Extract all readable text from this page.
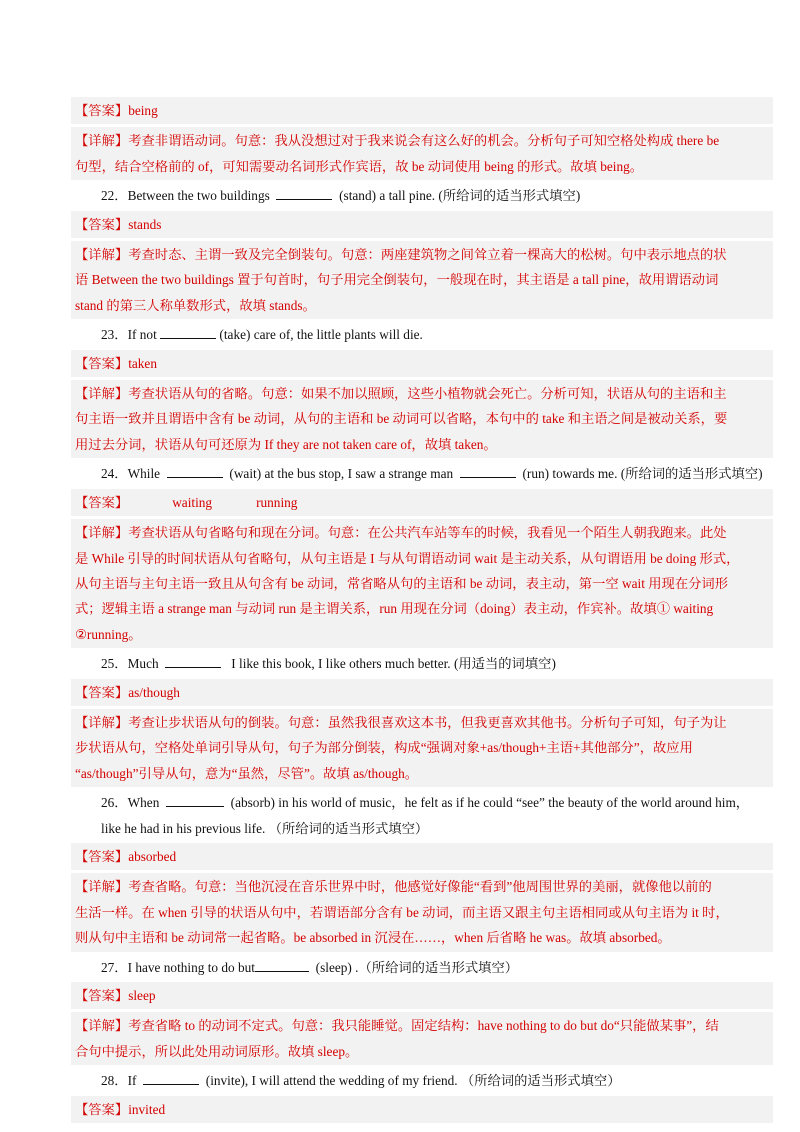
【答案】being
【详解】考查非谓语动词。句意：我从没想过对于我来说会有这么好的机会。分析句子可知空格处构成 there be
句型，结合空格前的 of，可知需要动名词形式作宾语，故 be 动词使用 being 的形式。故填 being。
22．Between the two buildings	(stand) a tall pine. (所给词的适当形式填空)
【答案】stands
【详解】考查时态、主谓一致及完全倒装句。句意：两座建筑物之间耸立着一棵高大的松树。句中表示地点的状
语 Between the two buildings 置于句首时，句子用完全倒装句，一般现在时，其主语是 a tall pine，故用谓语动词
stand 的第三人称单数形式，故填 stands。
23．If not	(take) care of, the little plants will die.
【答案】taken
【详解】考查状语从句的省略。句意：如果不加以照顾，这些小植物就会死亡。分析可知，状语从句的主语和主
句主语一致并且谓语中含有 be 动词，从句的主语和 be 动词可以省略，本句中的 take 和主语之间是被动关系，要
用过去分词，状语从句可还原为 If they are not taken care of，故填 taken。
24．While	(wait) at the bus stop, I saw a strange man	(run) towards me. (所给词的适当形式填空)
【答案】	waiting	running
【详解】考查状语从句省略句和现在分词。句意：在公共汽车站等车的时候，我看见一个陌生人朝我跑来。此处
是 While 引导的时间状语从句省略句，从句主语是 I 与从句谓语动词 wait 是主动关系，从句谓语用 be doing 形式，
从句主语与主句主语一致且从句含有 be 动词，常省略从句的主语和 be 动词，表主动，第一空 wait 用现在分词形
式；逻辑主语 a strange man 与动词 run 是主谓关系，run 用现在分词（doing）表主动，作宾补。故填① waiting
②running。
25．Much	I like this book, I like others much better. (用适当的词填空)
【答案】as/though
【详解】考查让步状语从句的倒装。句意：虽然我很喜欢这本书，但我更喜欢其他书。分析句子可知，句子为让
步状语从句，空格处单词引导从句，句子为部分倒装，构成“强调对象+as/though+主语+其他部分”，故应用
“as/though”引导从句，意为“虽然，尽管”。故填 as/though。
26．When	(absorb) in his world of music，he felt as if he could “see” the beauty of the world around him，
like he had in his previous life. （所给词的适当形式填空）
【答案】absorbed
【详解】考查省略。句意：当他沉浸在音乐世界中时，他感觉好像能“看到”他周围世界的美丽，就像他以前的
生活一样。在 when 引导的状语从句中，若谓语部分含有 be 动词，而主语又跟主句主语相同或从句主语为 it 时，
则从句中主语和 be 动词常一起省略。be absorbed in 沉浸在……，when 后省略 he was。故填 absorbed。
27．I have nothing to do but	(sleep) .（所给词的适当形式填空）
【答案】sleep
【详解】考查省略 to 的动词不定式。句意：我只能睡觉。固定结构：have nothing to do but do“只能做某事”，结
合句中提示，所以此处用动词原形。故填 sleep。
28．If	(invite), I will attend the wedding of my friend. （所给词的适当形式填空）
【答案】invited
